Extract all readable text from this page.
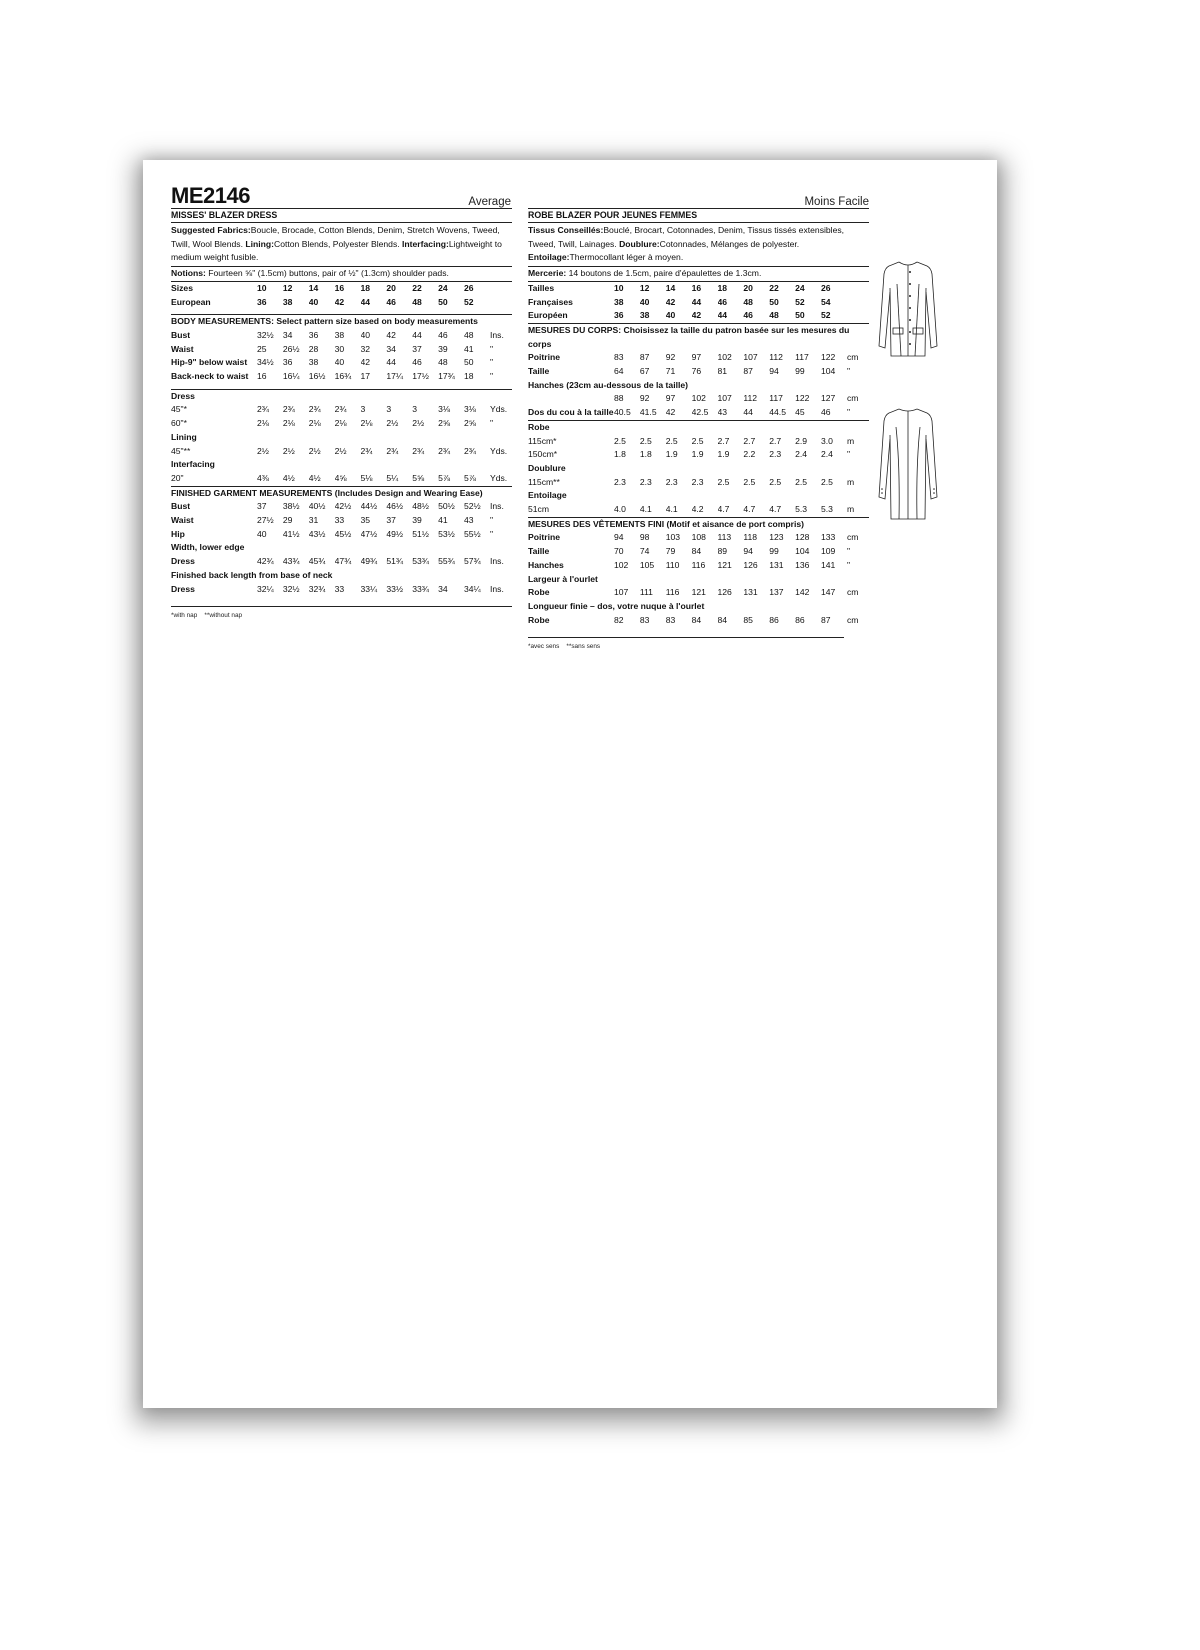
ME2146	Average	Moins Facile
MISSES' BLAZER DRESS
Suggested Fabrics:Boucle, Brocade, Cotton Blends, Denim, Stretch Wovens, Tweed, Twill, Wool Blends. Lining:Cotton Blends, Polyester Blends. Interfacing:Lightweight to medium weight fusible.
Notions: Fourteen ⅝" (1.5cm) buttons, pair of ½" (1.3cm) shoulder pads.
Sizes	10	12	14	16	18	20	22	24	26	
European	36	38	40	42	44	46	48	50	52	
BODY MEASUREMENTS: Select pattern size based on body measurements
Bust	32½	34	36	38	40	42	44	46	48	Ins.
Waist	25	26½	28	30	32	34	37	39	41	"
Hip-9" below waist	34½	36	38	40	42	44	46	48	50	"
Back-neck to waist	16	16¼	16½	16¾	17	17¼	17½	17¾	18	"
Dress
45"*	2¾	2¾	2¾	2¾	3	3	3	3⅛	3⅛	Yds.
60"*	2⅛	2⅛	2⅛	2⅛	2⅛	2½	2½	2⅝	2⅝	"
Lining
45"**	2½	2½	2½	2½	2¾	2¾	2¾	2¾	2¾	Yds.
Interfacing
20"	4⅜	4½	4½	4⅝	5⅛	5¼	5⅝	5⅞	5⅞	Yds.
FINISHED GARMENT MEASUREMENTS (Includes Design and Wearing Ease)
Bust	37	38½	40½	42½	44½	46½	48½	50½	52½	Ins.
Waist	27½	29	31	33	35	37	39	41	43	"
Hip	40	41½	43½	45½	47½	49½	51½	53½	55½	"
Width, lower edge
Dress	42¾	43¾	45¾	47¾	49¾	51¾	53¾	55¾	57¾	Ins.
Finished back length from base of neck
Dress	32¼	32½	32¾	33	33¼	33½	33¾	34	34¼	Ins.
*with nap    **without nap
ROBE BLAZER POUR JEUNES FEMMES
Tissus Conseillés:Bouclé, Brocart, Cotonnades, Denim, Tissus tissés extensibles, Tweed, Twill, Lainages. Doublure:Cotonnades, Mélanges de polyester. Entoilage:Thermocollant léger à moyen.
Mercerie: 14 boutons de 1.5cm, paire d'épaulettes de 1.3cm.
Tailles	10	12	14	16	18	20	22	24	26	
Françaises	38	40	42	44	46	48	50	52	54	
Européen	36	38	40	42	44	46	48	50	52	
MESURES DU CORPS: Choisissez la taille du patron basée sur les mesures du corps
Poitrine	83	87	92	97	102	107	112	117	122	cm
Taille	64	67	71	76	81	87	94	99	104	"
Hanches (23cm au-dessous de la taille)
	88	92	97	102	107	112	117	122	127	cm
Dos du cou à la taille	40.5	41.5	42	42.5	43	44	44.5	45	46	"
Robe
115cm*	2.5	2.5	2.5	2.5	2.7	2.7	2.7	2.9	3.0	m
150cm*	1.8	1.8	1.9	1.9	1.9	2.2	2.3	2.4	2.4	"
Doublure
115cm**	2.3	2.3	2.3	2.3	2.5	2.5	2.5	2.5	2.5	m
Entoilage
51cm	4.0	4.1	4.1	4.2	4.7	4.7	4.7	5.3	5.3	m
MESURES DES VÊTEMENTS FINI (Motif et aisance de port compris)
Poitrine	94	98	103	108	113	118	123	128	133	cm
Taille	70	74	79	84	89	94	99	104	109	"
Hanches	102	105	110	116	121	126	131	136	141	"
Largeur à l'ourlet
Robe	107	111	116	121	126	131	137	142	147	cm
Longueur finie – dos, votre nuque à l'ourlet
Robe	82	83	83	84	84	85	86	86	87	cm
*avec sens    **sans sens
